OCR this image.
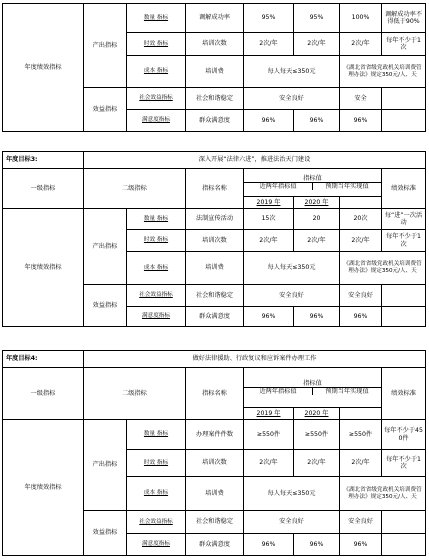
年度绩效指标	产出指标	数量 指标	调解成功率	95%	95%	100%	调解成功率不得低于90%
		时效 指标	培训次数	2次/年	2次/年	2次/年	每年不少于1次
		成本 指标	培训费	每人每天≤350元		《湖北省省级党政机关培训费管理办法》规定350元/人、天	
	效益指标	社会效益指标	社会和谐稳定	安全良好		安全	
		满意度指标	群众满意度	96%	96%	96%	
年度目标3:	深入开展“法律六进”，推进法治天门建设
一级指标	二级指标		指标名称	指标值
近两年指标值 预期当年实现值			绩效标准
				2019 年	2020 年		
年度绩效指标	产出指标	数量 指标	法制宣传活动	15次	20	20次	每“进”一次活动
		时效 指标	培训次数	2次/年	2次/年	2次/年	每年不少于1次
		成本 指标	培训费	每人每天≤350元		《湖北省省级党政机关培训费管理办法》规定350元/人、天	
	效益指标	社会效益指标	社会和谐稳定	安全良好		安全良好	
		满意度指标	群众满意度	96%	96%	96%	
年度目标4:	做好法律援助、行政复议和应诉案件办理工作
一级指标	二级指标		指标名称	指标值
近两年指标值 预期当年实现值			绩效标准
				2019 年	2020 年		
年度绩效指标	产出指标	数量 指标	办理案件件数	≥550件	≥550件	≥550件	每年不少于450件
		时效 指标	培训次数	2次/年	2次/年	2次/年	每年不少于1次
		成本 指标	培训费	每人每天≤350元		《湖北省省级党政机关培训费管理办法》规定350元/人、天	
	效益指标	社会效益指标	社会和谐稳定	安全良好		安全良好	
		满意度指标	群众满意度	96%	96%	96%	
